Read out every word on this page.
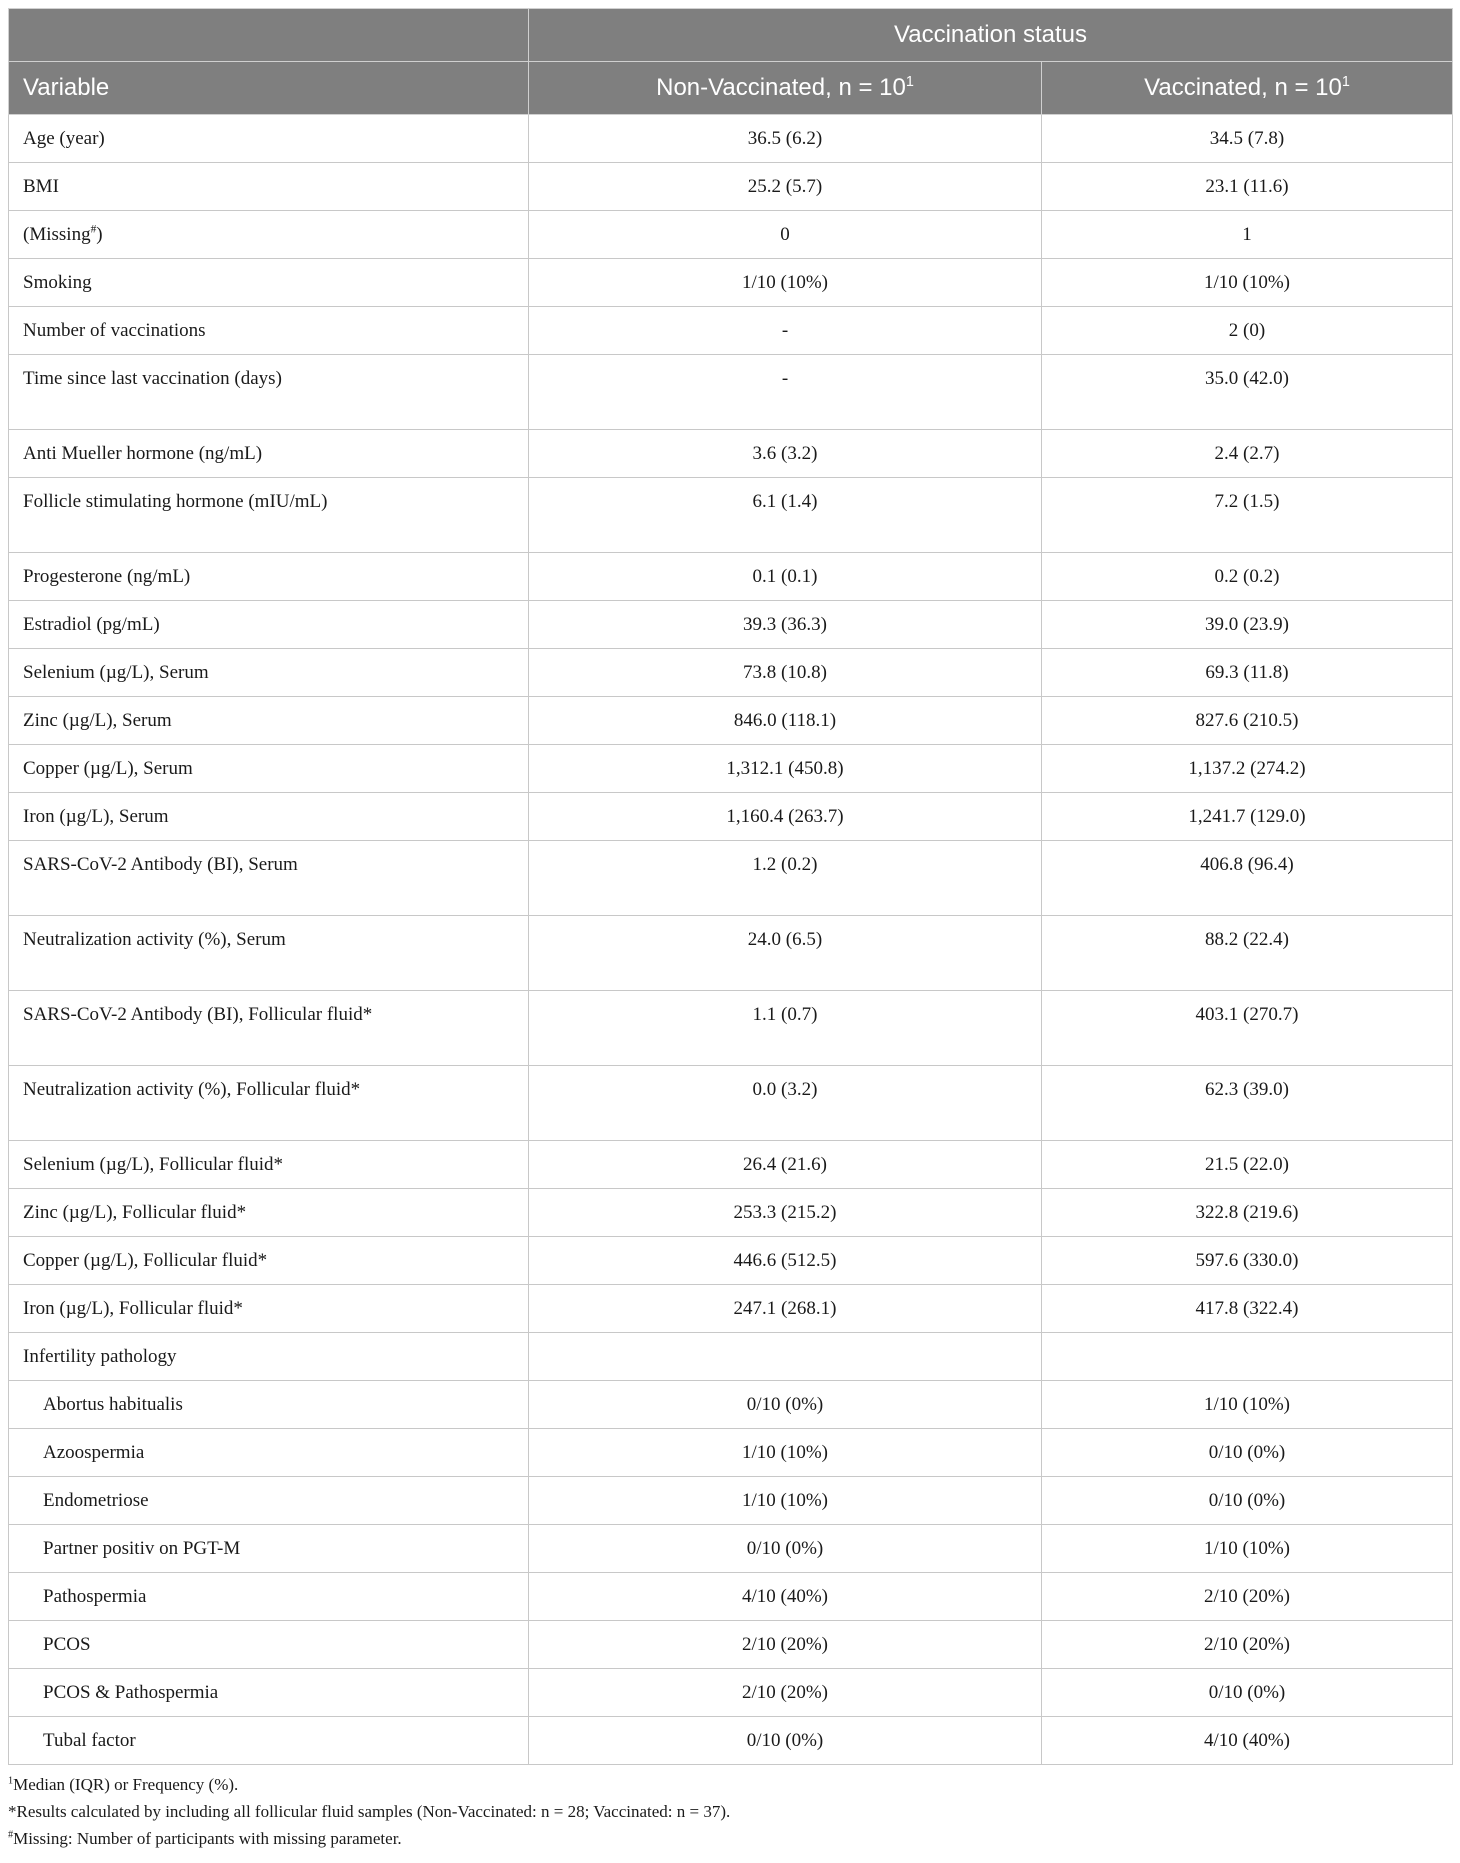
	Vaccination status	
Variable	Non-Vaccinated, $n = 10^1$	Vaccinated, $n = 10^1$
Age (year)	36.5 (6.2)	34.5 (7.8)
BMI	25.2 (5.7)	23.1 (11.6)
(Missing#)	0	1
Smoking	1/10 (10%)	1/10 (10%)
Number of vaccinations	-	2 (0)
Time since last vaccination (days)	-	35.0 (42.0)
Anti Mueller hormone (ng/mL)	3.6 (3.2)	2.4 (2.7)
Follicle stimulating hormone (mIU/mL)	6.1 (1.4)	7.2 (1.5)
Progesterone (ng/mL)	0.1 (0.1)	0.2 (0.2)
Estradiol (pg/mL)	39.3 (36.3)	39.0 (23.9)
Selenium (µg/L), Serum	73.8 (10.8)	69.3 (11.8)
Zinc (µg/L), Serum	846.0 (118.1)	827.6 (210.5)
Copper (µg/L), Serum	1,312.1 (450.8)	1,137.2 (274.2)
Iron (µg/L), Serum	1,160.4 (263.7)	1,241.7 (129.0)
SARS-CoV-2 Antibody (BI), Serum	1.2 (0.2)	406.8 (96.4)
Neutralization activity (%), Serum	24.0 (6.5)	88.2 (22.4)
SARS-CoV-2 Antibody (BI), Follicular fluid*	1.1 (0.7)	403.1 (270.7)
Neutralization activity (%), Follicular fluid*	0.0 (3.2)	62.3 (39.0)
Selenium (µg/L), Follicular fluid*	26.4 (21.6)	21.5 (22.0)
Zinc (µg/L), Follicular fluid*	253.3 (215.2)	322.8 (219.6)
Copper (µg/L), Follicular fluid*	446.6 (512.5)	597.6 (330.0)
Iron (µg/L), Follicular fluid*	247.1 (268.1)	417.8 (322.4)
Infertility pathology		
Abortus habitualis	0/10 (0%)	1/10 (10%)
Azoospermia	1/10 (10%)	0/10 (0%)
Endometriose	1/10 (10%)	0/10 (0%)
Partner positiv on PGT-M	0/10 (0%)	1/10 (10%)
Pathospermia	4/10 (40%)	2/10 (20%)
PCOS	2/10 (20%)	2/10 (20%)
PCOS & Pathospermia	2/10 (20%)	0/10 (0%)
Tubal factor	0/10 (0%)	4/10 (40%)
$^1$Median (IQR) or Frequency (%).
*Results calculated by including all follicular fluid samples (Non-Vaccinated: n = 28; Vaccinated: n = 37).
#Missing: Number of participants with missing parameter.
